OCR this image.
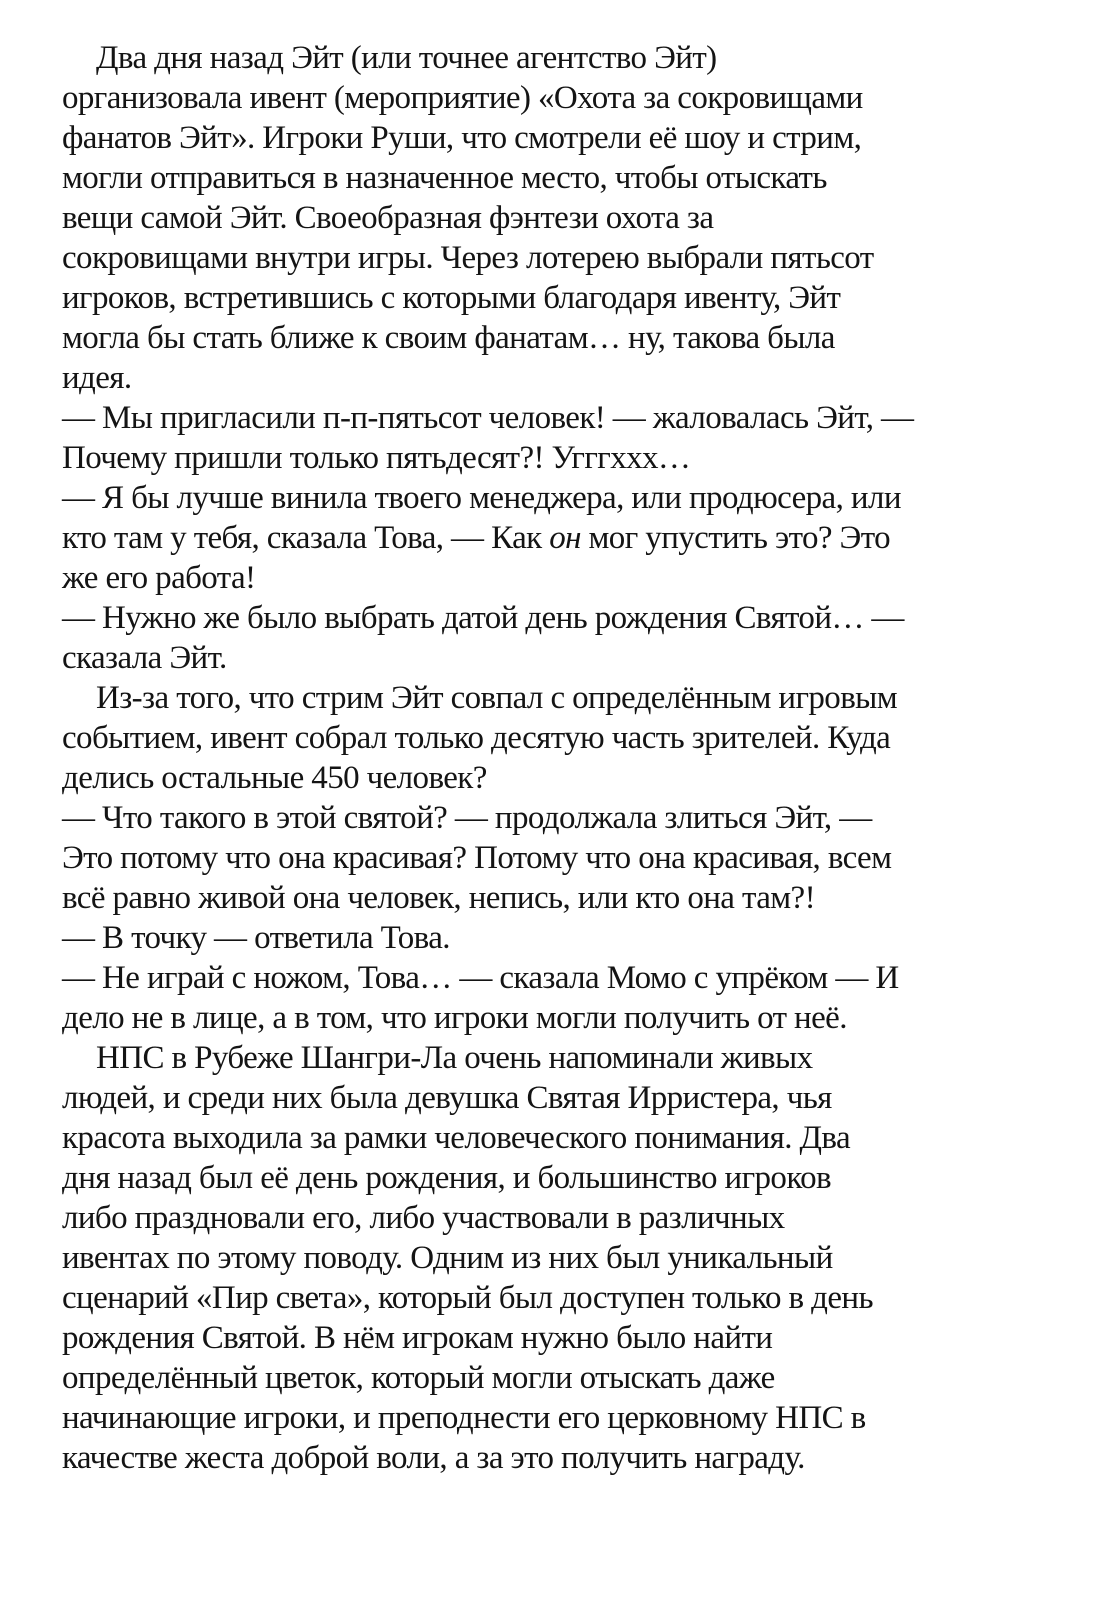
Два дня назад Эйт (или точнее агентство Эйт)
организовала ивент (мероприятие) «Охота за сокровищами
фанатов Эйт». Игроки Руши, что смотрели её шоу и стрим,
могли отправиться в назначенное место, чтобы отыскать
вещи самой Эйт. Своеобразная фэнтези охота за
сокровищами внутри игры. Через лотерею выбрали пятьсот
игроков, встретившись с которыми благодаря ивенту, Эйт
могла бы стать ближе к своим фанатам… ну, такова была
идея.
— Мы пригласили п-п-пятьсот человек! — жаловалась Эйт, —
Почему пришли только пятьдесят?! Угггххх…
— Я бы лучше винила твоего менеджера, или продюсера, или
кто там у тебя, сказала Това, — Как он мог упустить это? Это
же его работа!
— Нужно же было выбрать датой день рождения Святой… —
сказала Эйт.
Из-за того, что стрим Эйт совпал с определённым игровым
событием, ивент собрал только десятую часть зрителей. Куда
делись остальные 450 человек?
— Что такого в этой святой? — продолжала злиться Эйт, —
Это потому что она красивая? Потому что она красивая, всем
всё равно живой она человек, непись, или кто она там?!
— В точку — ответила Това.
— Не играй с ножом, Това… — сказала Момо с упрёком — И
дело не в лице, а в том, что игроки могли получить от неё.
НПС в Рубеже Шангри-Ла очень напоминали живых
людей, и среди них была девушка Святая Ирристера, чья
красота выходила за рамки человеческого понимания. Два
дня назад был её день рождения, и большинство игроков
либо праздновали его, либо участвовали в различных
ивентах по этому поводу. Одним из них был уникальный
сценарий «Пир света», который был доступен только в день
рождения Святой. В нём игрокам нужно было найти
определённый цветок, который могли отыскать даже
начинающие игроки, и преподнести его церковному НПС в
качестве жеста доброй воли, а за это получить награду.
